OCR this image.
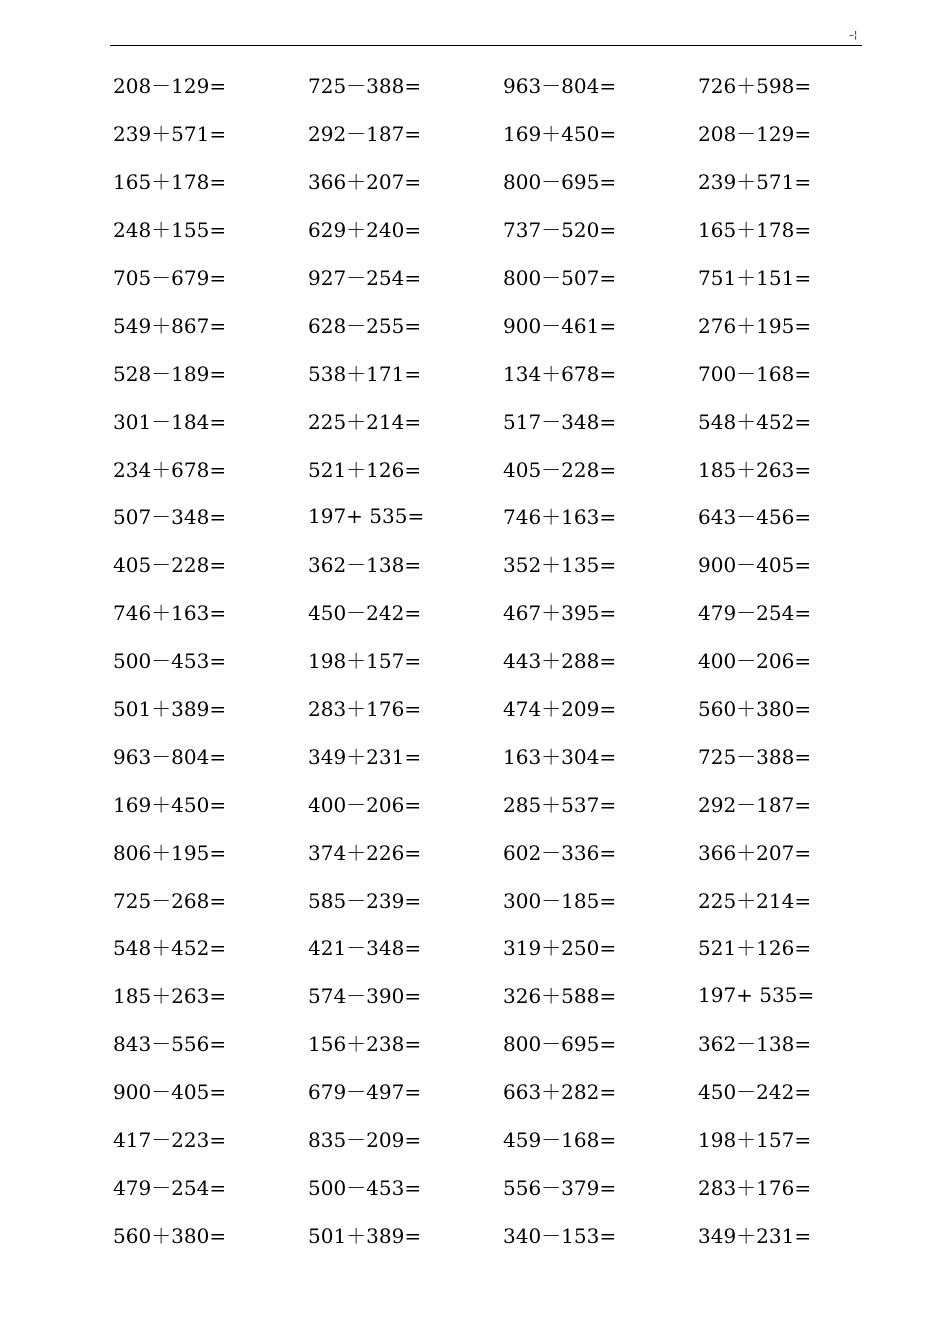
–¦
208－129=	725－388=	963－804=	726＋598=
239＋571=	292－187=	169＋450=	208－129=
165＋178=	366＋207=	800－695=	239＋571=
248＋155=	629＋240=	737－520=	165＋178=
705－679=	927－254=	800－507=	751＋151=
549＋867=	628－255=	900－461=	276＋195=
528－189=	538＋171=	134＋678=	700－168=
301－184=	225＋214=	517－348=	548＋452=
234＋678=	521＋126=	405－228=	185＋263=
507－348=	197+ 535=	746＋163=	643－456=
405－228=	362－138=	352＋135=	900－405=
746＋163=	450－242=	467＋395=	479－254=
500－453=	198＋157=	443＋288=	400－206=
501＋389=	283＋176=	474＋209=	560＋380=
963－804=	349＋231=	163＋304=	725－388=
169＋450=	400－206=	285＋537=	292－187=
806＋195=	374＋226=	602－336=	366＋207=
725－268=	585－239=	300－185=	225＋214=
548＋452=	421－348=	319＋250=	521＋126=
185＋263=	574－390=	326＋588=	197+ 535=
843－556=	156＋238=	800－695=	362－138=
900－405=	679－497=	663＋282=	450－242=
417－223=	835－209=	459－168=	198＋157=
479－254=	500－453=	556－379=	283＋176=
560＋380=	501＋389=	340－153=	349＋231=
